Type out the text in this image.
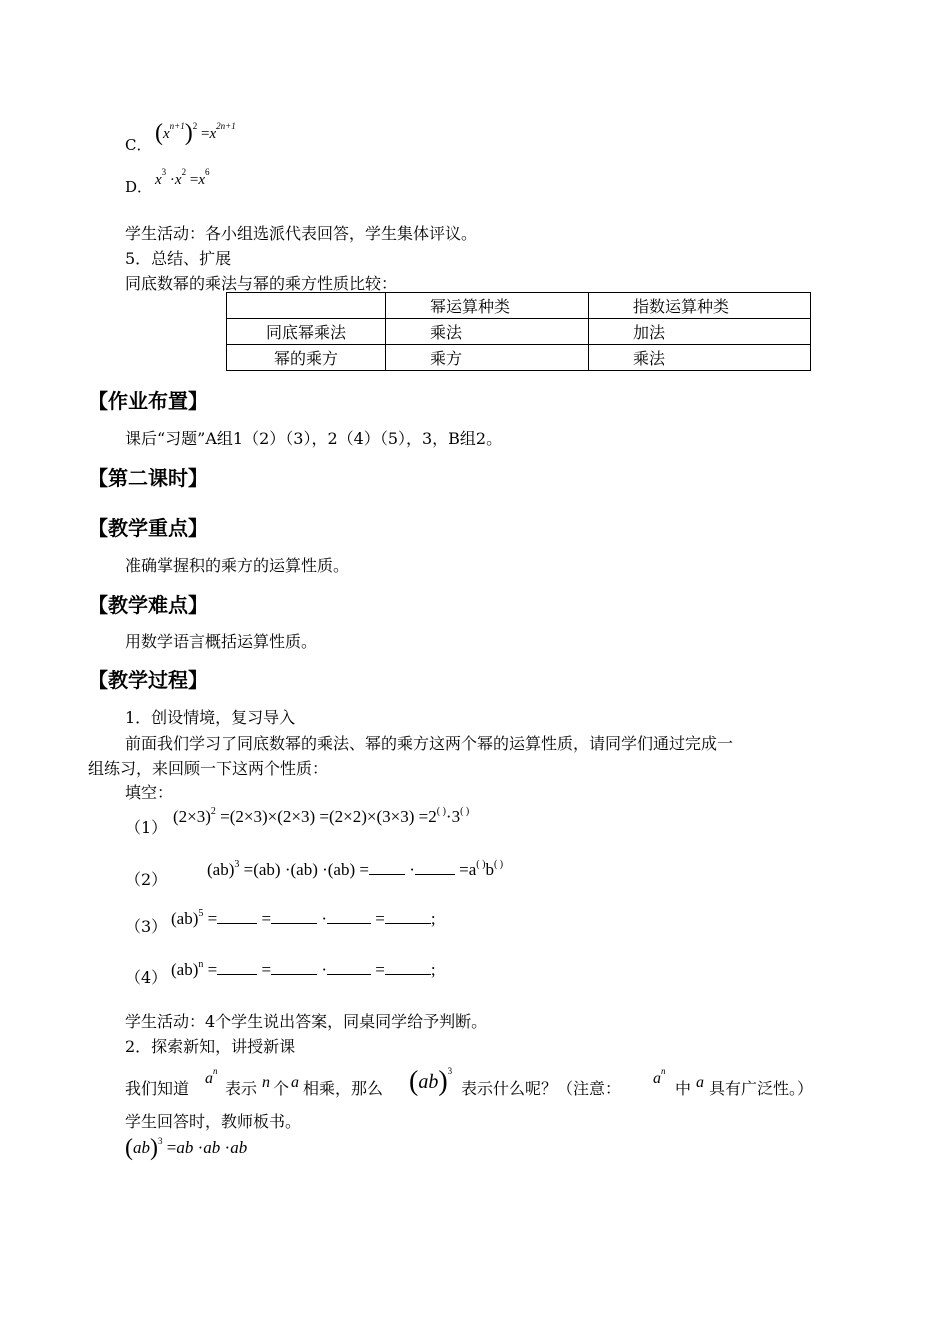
C． $(x^{n+1})^2 =x^{2n+1}$
D． $x^3 \cdot x^2 =x^6$
学生活动：各小组选派代表回答，学生集体评议。
5．总结、扩展
同底数幂的乘法与幂的乘方性质比较：
	幂运算种类	指数运算种类
同底幂乘法	乘法	加法
幂的乘方	乘方	乘法
【作业布置】
课后“习题”A组1（2）（3），2（4）（5），3，B组2。
【第二课时】
【教学重点】
准确掌握积的乘方的运算性质。
【教学难点】
用数学语言概括运算性质。
【教学过程】
1．创设情境，复习导入
前面我们学习了同底数幂的乘法、幂的乘方这两个幂的运算性质，请同学们通过完成一
组练习，来回顾一下这两个性质：
填空：
（1）
$(2\times 3)^2 =(2\times 3)\times(2\times 3) =(2\times 2)\times(3\times 3) =2^{( )}\cdot 3^{( )}$
（2）
(ab)$^3$ =(ab) ·(ab) ·(ab) = · =a( )b( )
（3） (ab)$^5$ = =	·	=	;
（4） (ab)$^n$ = =	·	=	;
学生活动：4个学生说出答案，同桌同学给予判断。
2．探索新知，讲授新课
我们知道
$a^n$
表示 n 个 a 相乘，那么 (ab)$^3$
表示什么呢？（注意：
$a^n$
中 a 具有广泛性。）
学生回答时，教师板书。
(ab)$^3$ =ab ·ab ·ab
